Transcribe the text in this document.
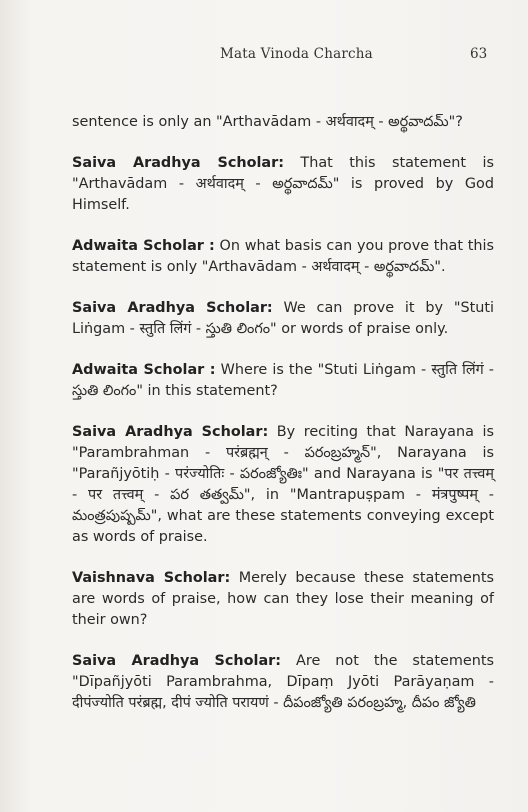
Mata Vinoda Charcha	63

sentence is only an "Arthavādam - अर्थवादम् - అర్థవాదమ్"?

Saiva Aradhya Scholar: That this statement is "Arthavādam - अर्थवादम् - అర్థవాదమ్" is proved by God Himself.

Adwaita Scholar : On what basis can you prove that this statement is only "Arthavādam - अर्थवादम् - అర్థవాదమ్".

Saiva Aradhya Scholar: We can prove it by "Stuti Liṅgam - स्तुति लिंगं - స్తుతి లింగం" or words of praise only.

Adwaita Scholar : Where is the "Stuti Liṅgam - स्तुति लिंगं - స్తుతి లింగం" in this statement?

Saiva Aradhya Scholar: By reciting that Narayana is "Parambrahman - परंब्रह्मन् - పరంబ్రహ్మన్", Narayana is "Parañjyōtiḥ - परंज्योतिः - పరంజ్యోతిః" and Narayana is "पर तत्त्वम् - पर तत्त्वम् - పర తత్వమ్", in "Mantrapuṣpam - मंत्रपुष्पम् - మంత్రపుష్పమ్", what are these statements conveying except as words of praise.

Vaishnava Scholar: Merely because these statements are words of praise, how can they lose their meaning of their own?

Saiva Aradhya Scholar: Are not the statements "Dīpañjyōti Parambrahma, Dīpaṃ Jyōti Parāyaṇam - दीपंज्योति परंब्रह्म, दीपं ज्योति परायणं - దీపంజ్యోతి పరంబ్రహ్మ, దీపం జ్యోతి
